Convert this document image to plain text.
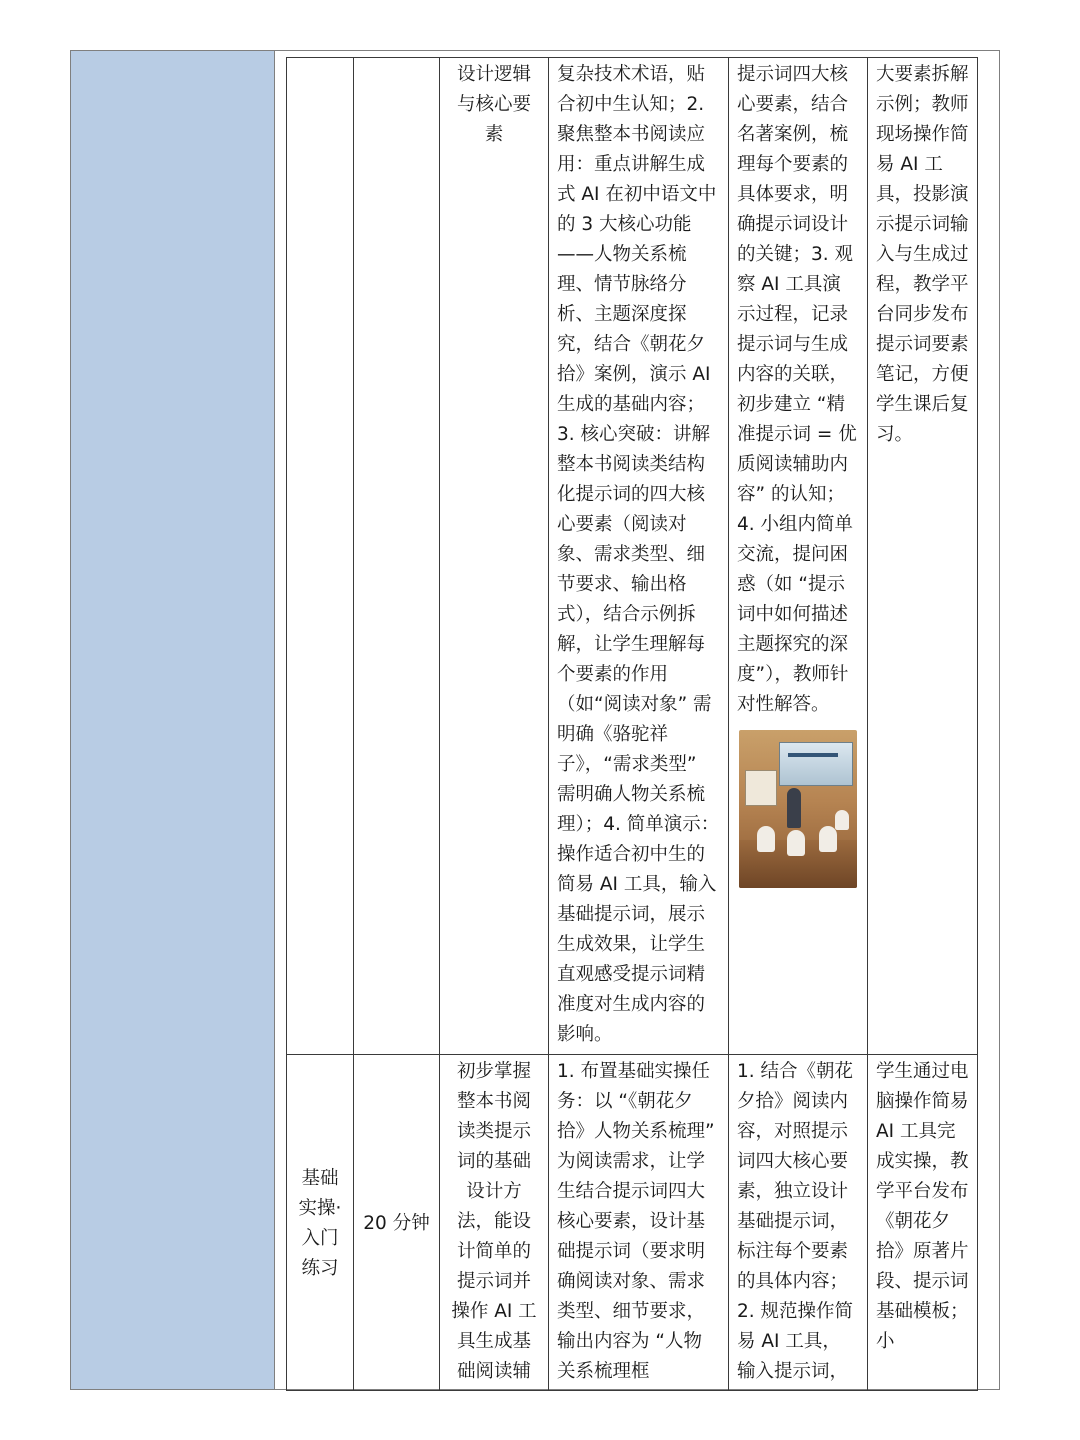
		设计逻辑与核心要素	复杂技术术语，贴合初中生认知；2. 聚焦整本书阅读应用：重点讲解生成式 AI 在初中语文中的 3 大核心功能——人物关系梳理、情节脉络分析、主题深度探究，结合《朝花夕拾》案例，演示 AI 生成的基础内容；3. 核心突破：讲解整本书阅读类结构化提示词的四大核心要素（阅读对象、需求类型、细节要求、输出格式），结合示例拆解，让学生理解每个要素的作用（如“阅读对象” 需明确《骆驼祥子》，“需求类型” 需明确人物关系梳理）；4. 简单演示：操作适合初中生的简易 AI 工具，输入基础提示词，展示生成效果，让学生直观感受提示词精准度对生成内容的影响。	提示词四大核心要素，结合名著案例，梳理每个要素的具体要求，明确提示词设计的关键；3. 观察 AI 工具演示过程，记录提示词与生成内容的关联，初步建立 “精准提示词 = 优质阅读辅助内容” 的认知；4. 小组内简单交流，提问困惑（如 “提示词中如何描述主题探究的深度”），教师针对性解答。	大要素拆解示例；教师现场操作简易 AI 工具，投影演示提示词输入与生成过程，教学平台同步发布提示词要素笔记，方便学生课后复习。

基础实操·入门练习	20 分钟	初步掌握整本书阅读类提示词的基础设计方法，能设计简单的提示词并操作 AI 工具生成基础阅读辅	1. 布置基础实操任务：以 “《朝花夕拾》人物关系梳理” 为阅读需求，让学生结合提示词四大核心要素，设计基础提示词（要求明确阅读对象、需求类型、细节要求，输出内容为 “人物关系梳理框	1. 结合《朝花夕拾》阅读内容，对照提示词四大核心要素，独立设计基础提示词，标注每个要素的具体内容；2. 规范操作简易 AI 工具，输入提示词，	学生通过电脑操作简易 AI 工具完成实操，教学平台发布《朝花夕拾》原著片段、提示词基础模板；小
